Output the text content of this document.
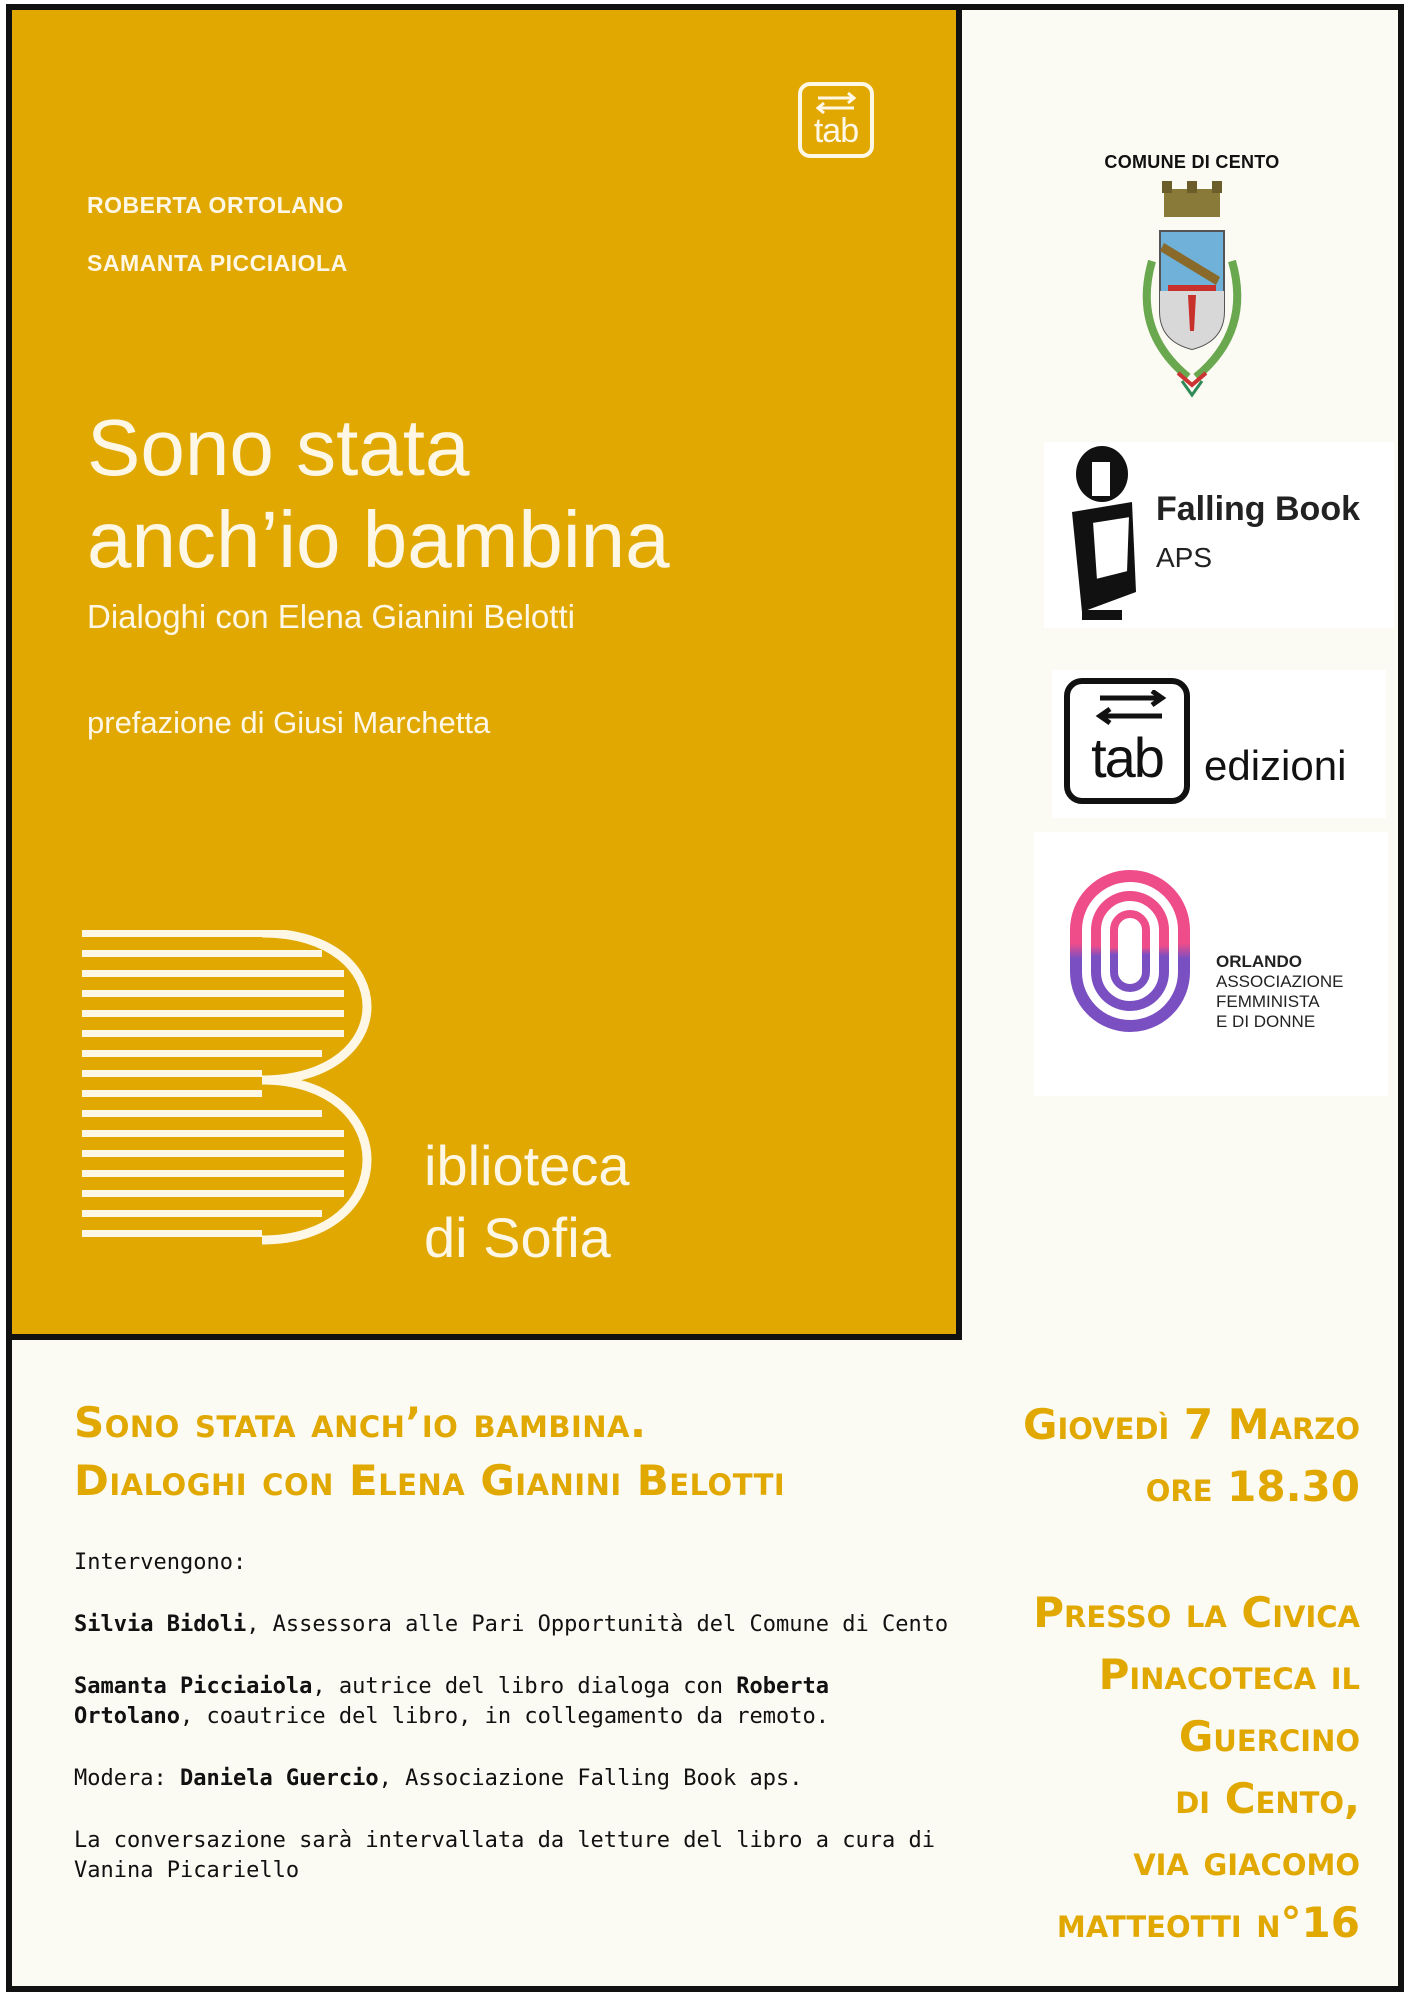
tab
ROBERTA ORTOLANO
SAMANTA PICCIAIOLA
Sono stata
anch’io bambina
Dialoghi con Elena Gianini Belotti
prefazione di Giusi Marchetta
iblioteca
di Sofia
COMUNE DI CENTO
Falling Book
APS
tab edizioni
ORLANDO
ASSOCIAZIONE
FEMMINISTA
E DI DONNE
Sono stata anch’io bambina.
Dialoghi con Elena Gianini Belotti

Intervengono:

Silvia Bidoli, Assessora alle Pari Opportunità del Comune di Cento

Samanta Picciaiola, autrice del libro dialoga con Roberta Ortolano, coautrice del libro, in collegamento da remoto.

Modera: Daniela Guercio, Associazione Falling Book aps.

La conversazione sarà intervallata da letture del libro a cura di Vanina Picariello

Giovedì 7 Marzo
ore 18.30
Presso la Civica
Pinacoteca il
Guercino
di Cento,
via giacomo
matteotti n°16
